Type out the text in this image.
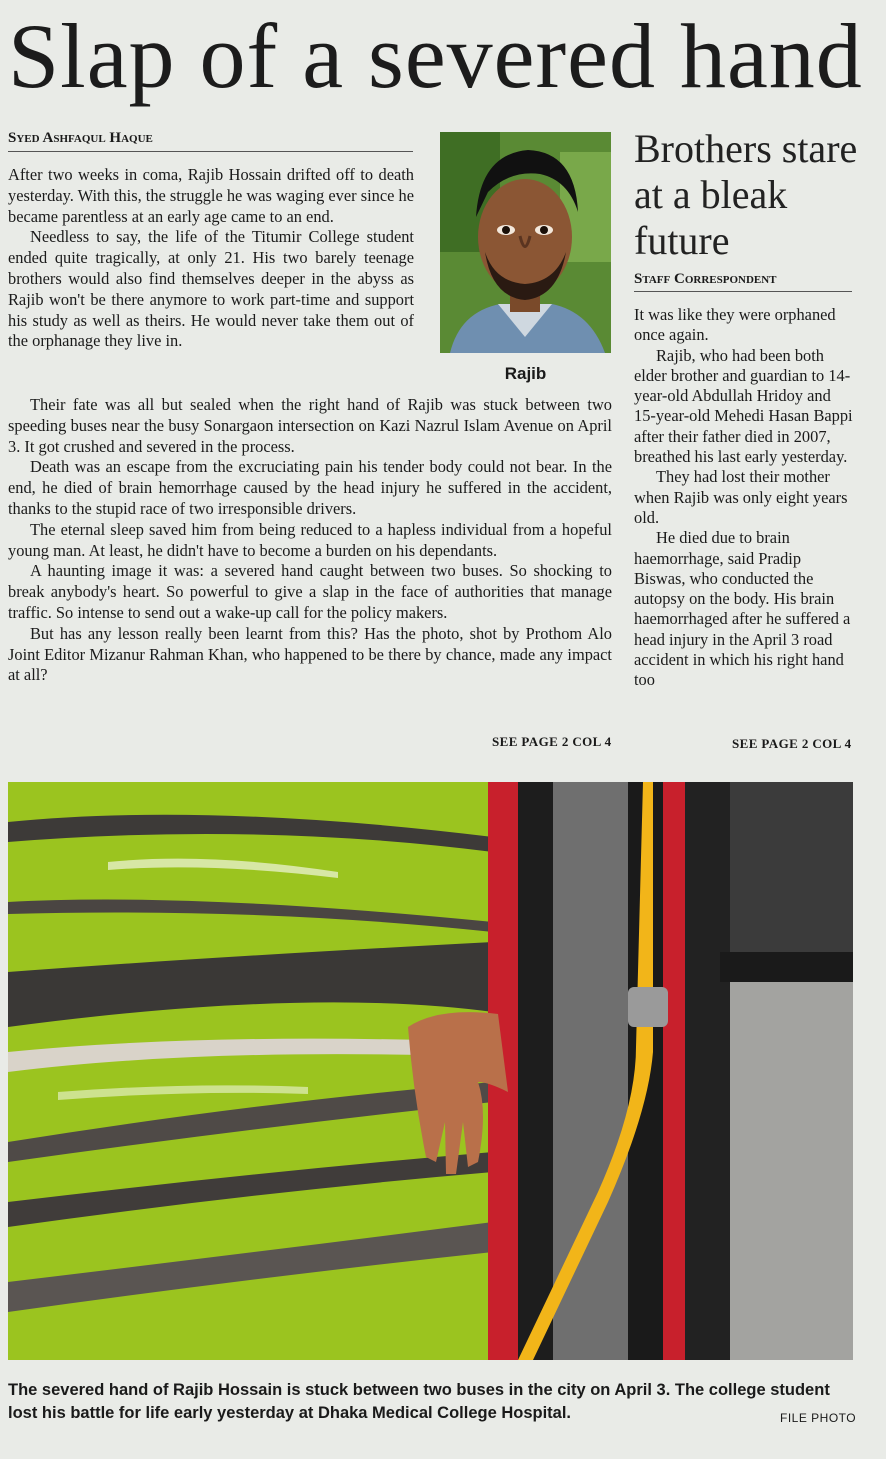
Slap of a severed hand
Syed Ashfaqul Haque

After two weeks in coma, Rajib Hossain drifted off to death yesterday. With this, the struggle he was waging ever since he became parentless at an early age came to an end.

Needless to say, the life of the Titumir College student ended quite tragically, at only 21. His two barely teenage brothers would also find themselves deeper in the abyss as Rajib won't be there anymore to work part-time and support his study as well as theirs. He would never take them out of the orphanage they live in.

Rajib

Their fate was all but sealed when the right hand of Rajib was stuck between two speeding buses near the busy Sonargaon intersection on Kazi Nazrul Islam Avenue on April 3. It got crushed and severed in the process.

Death was an escape from the excruciating pain his tender body could not bear. In the end, he died of brain hemorrhage caused by the head injury he suffered in the accident, thanks to the stupid race of two irresponsible drivers.

The eternal sleep saved him from being reduced to a hapless individual from a hopeful young man. At least, he didn't have to become a burden on his dependants.

A haunting image it was: a severed hand caught between two buses. So shocking to break anybody's heart. So powerful to give a slap in the face of authorities that manage traffic. So intense to send out a wake-up call for the policy makers.

But has any lesson really been learnt from this? Has the photo, shot by Prothom Alo Joint Editor Mizanur Rahman Khan, who happened to be there by chance, made any impact at all?

SEE PAGE 2 COL 4
Brothers stare at a bleak future
Staff Correspondent

It was like they were orphaned once again.

Rajib, who had been both elder brother and guardian to 14-year-old Abdullah Hridoy and 15-year-old Mehedi Hasan Bappi after their father died in 2007, breathed his last early yesterday.

They had lost their mother when Rajib was only eight years old.

He died due to brain haemorrhage, said Pradip Biswas, who conducted the autopsy on the body. His brain haemorrhaged after he suffered a head injury in the April 3 road accident in which his right hand too

SEE PAGE 2 COL 4
The severed hand of Rajib Hossain is stuck between two buses in the city on April 3. The college student lost his battle for life early yesterday at Dhaka Medical College Hospital.	FILE PHOTO
